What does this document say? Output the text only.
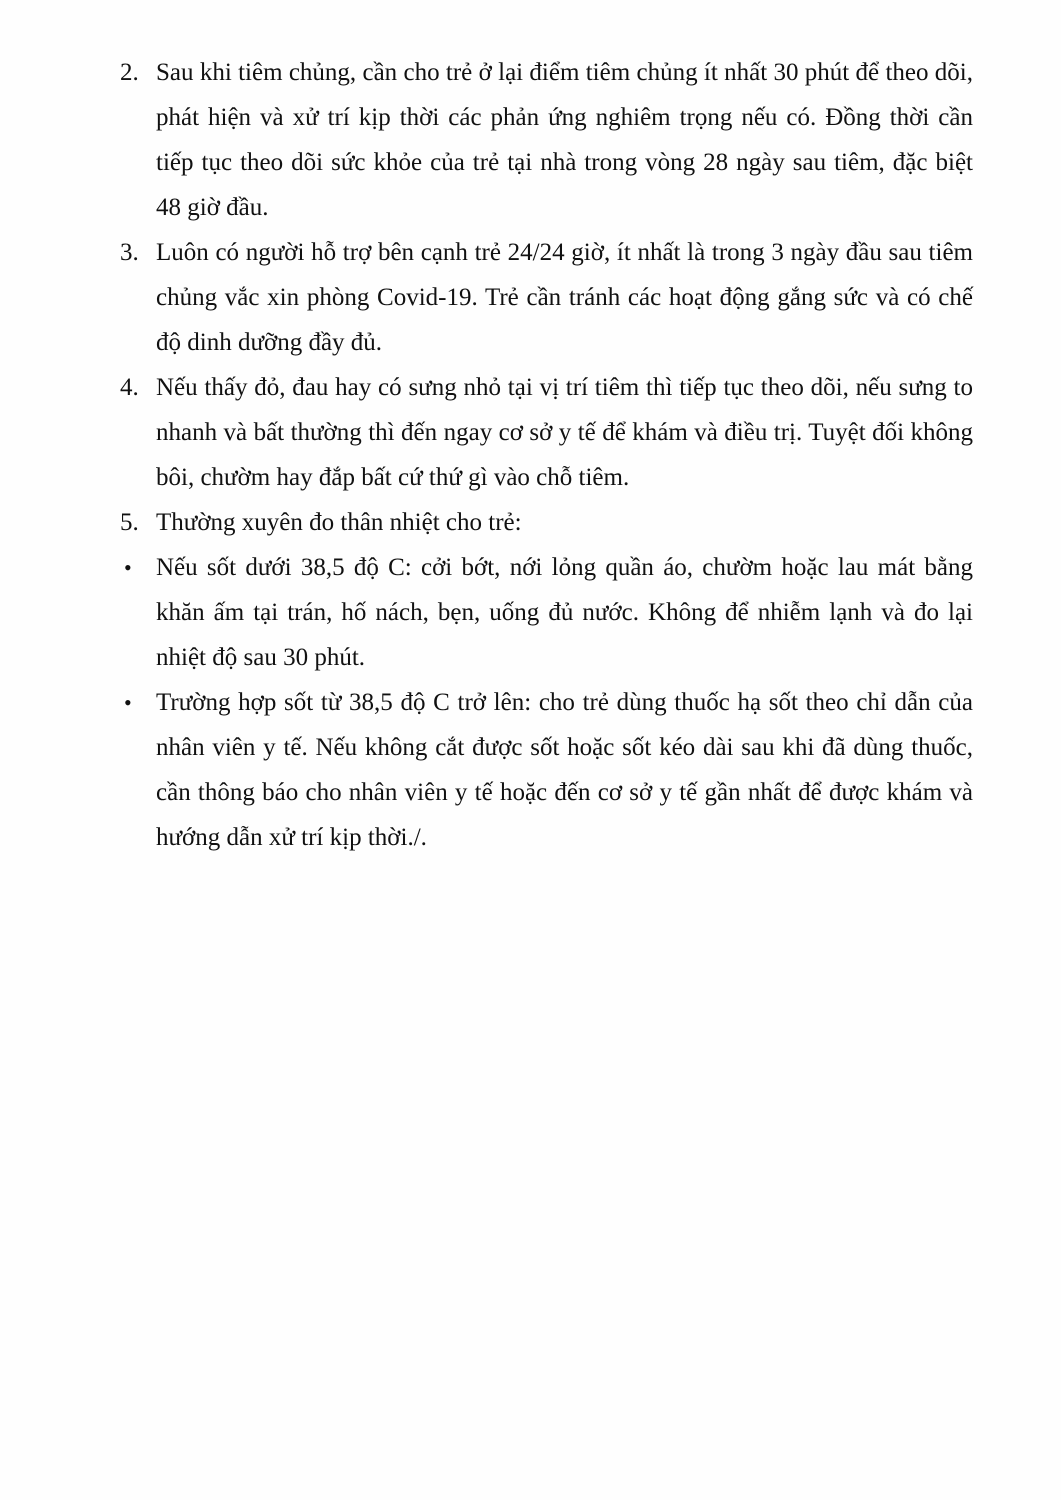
2. Sau khi tiêm chủng, cần cho trẻ ở lại điểm tiêm chủng ít nhất 30 phút để theo dõi, phát hiện và xử trí kịp thời các phản ứng nghiêm trọng nếu có. Đồng thời cần tiếp tục theo dõi sức khỏe của trẻ tại nhà trong vòng 28 ngày sau tiêm, đặc biệt 48 giờ đầu.
3. Luôn có người hỗ trợ bên cạnh trẻ 24/24 giờ, ít nhất là trong 3 ngày đầu sau tiêm chủng vắc xin phòng Covid-19. Trẻ cần tránh các hoạt động gắng sức và có chế độ dinh dưỡng đầy đủ.
4. Nếu thấy đỏ, đau hay có sưng nhỏ tại vị trí tiêm thì tiếp tục theo dõi, nếu sưng to nhanh và bất thường thì đến ngay cơ sở y tế để khám và điều trị. Tuyệt đối không bôi, chườm hay đắp bất cứ thứ gì vào chỗ tiêm.
5. Thường xuyên đo thân nhiệt cho trẻ:
• Nếu sốt dưới 38,5 độ C: cởi bớt, nới lỏng quần áo, chườm hoặc lau mát bằng khăn ấm tại trán, hố nách, bẹn, uống đủ nước. Không để nhiễm lạnh và đo lại nhiệt độ sau 30 phút.
• Trường hợp sốt từ 38,5 độ C trở lên: cho trẻ dùng thuốc hạ sốt theo chỉ dẫn của nhân viên y tế. Nếu không cắt được sốt hoặc sốt kéo dài sau khi đã dùng thuốc, cần thông báo cho nhân viên y tế hoặc đến cơ sở y tế gần nhất để được khám và hướng dẫn xử trí kịp thời./.
